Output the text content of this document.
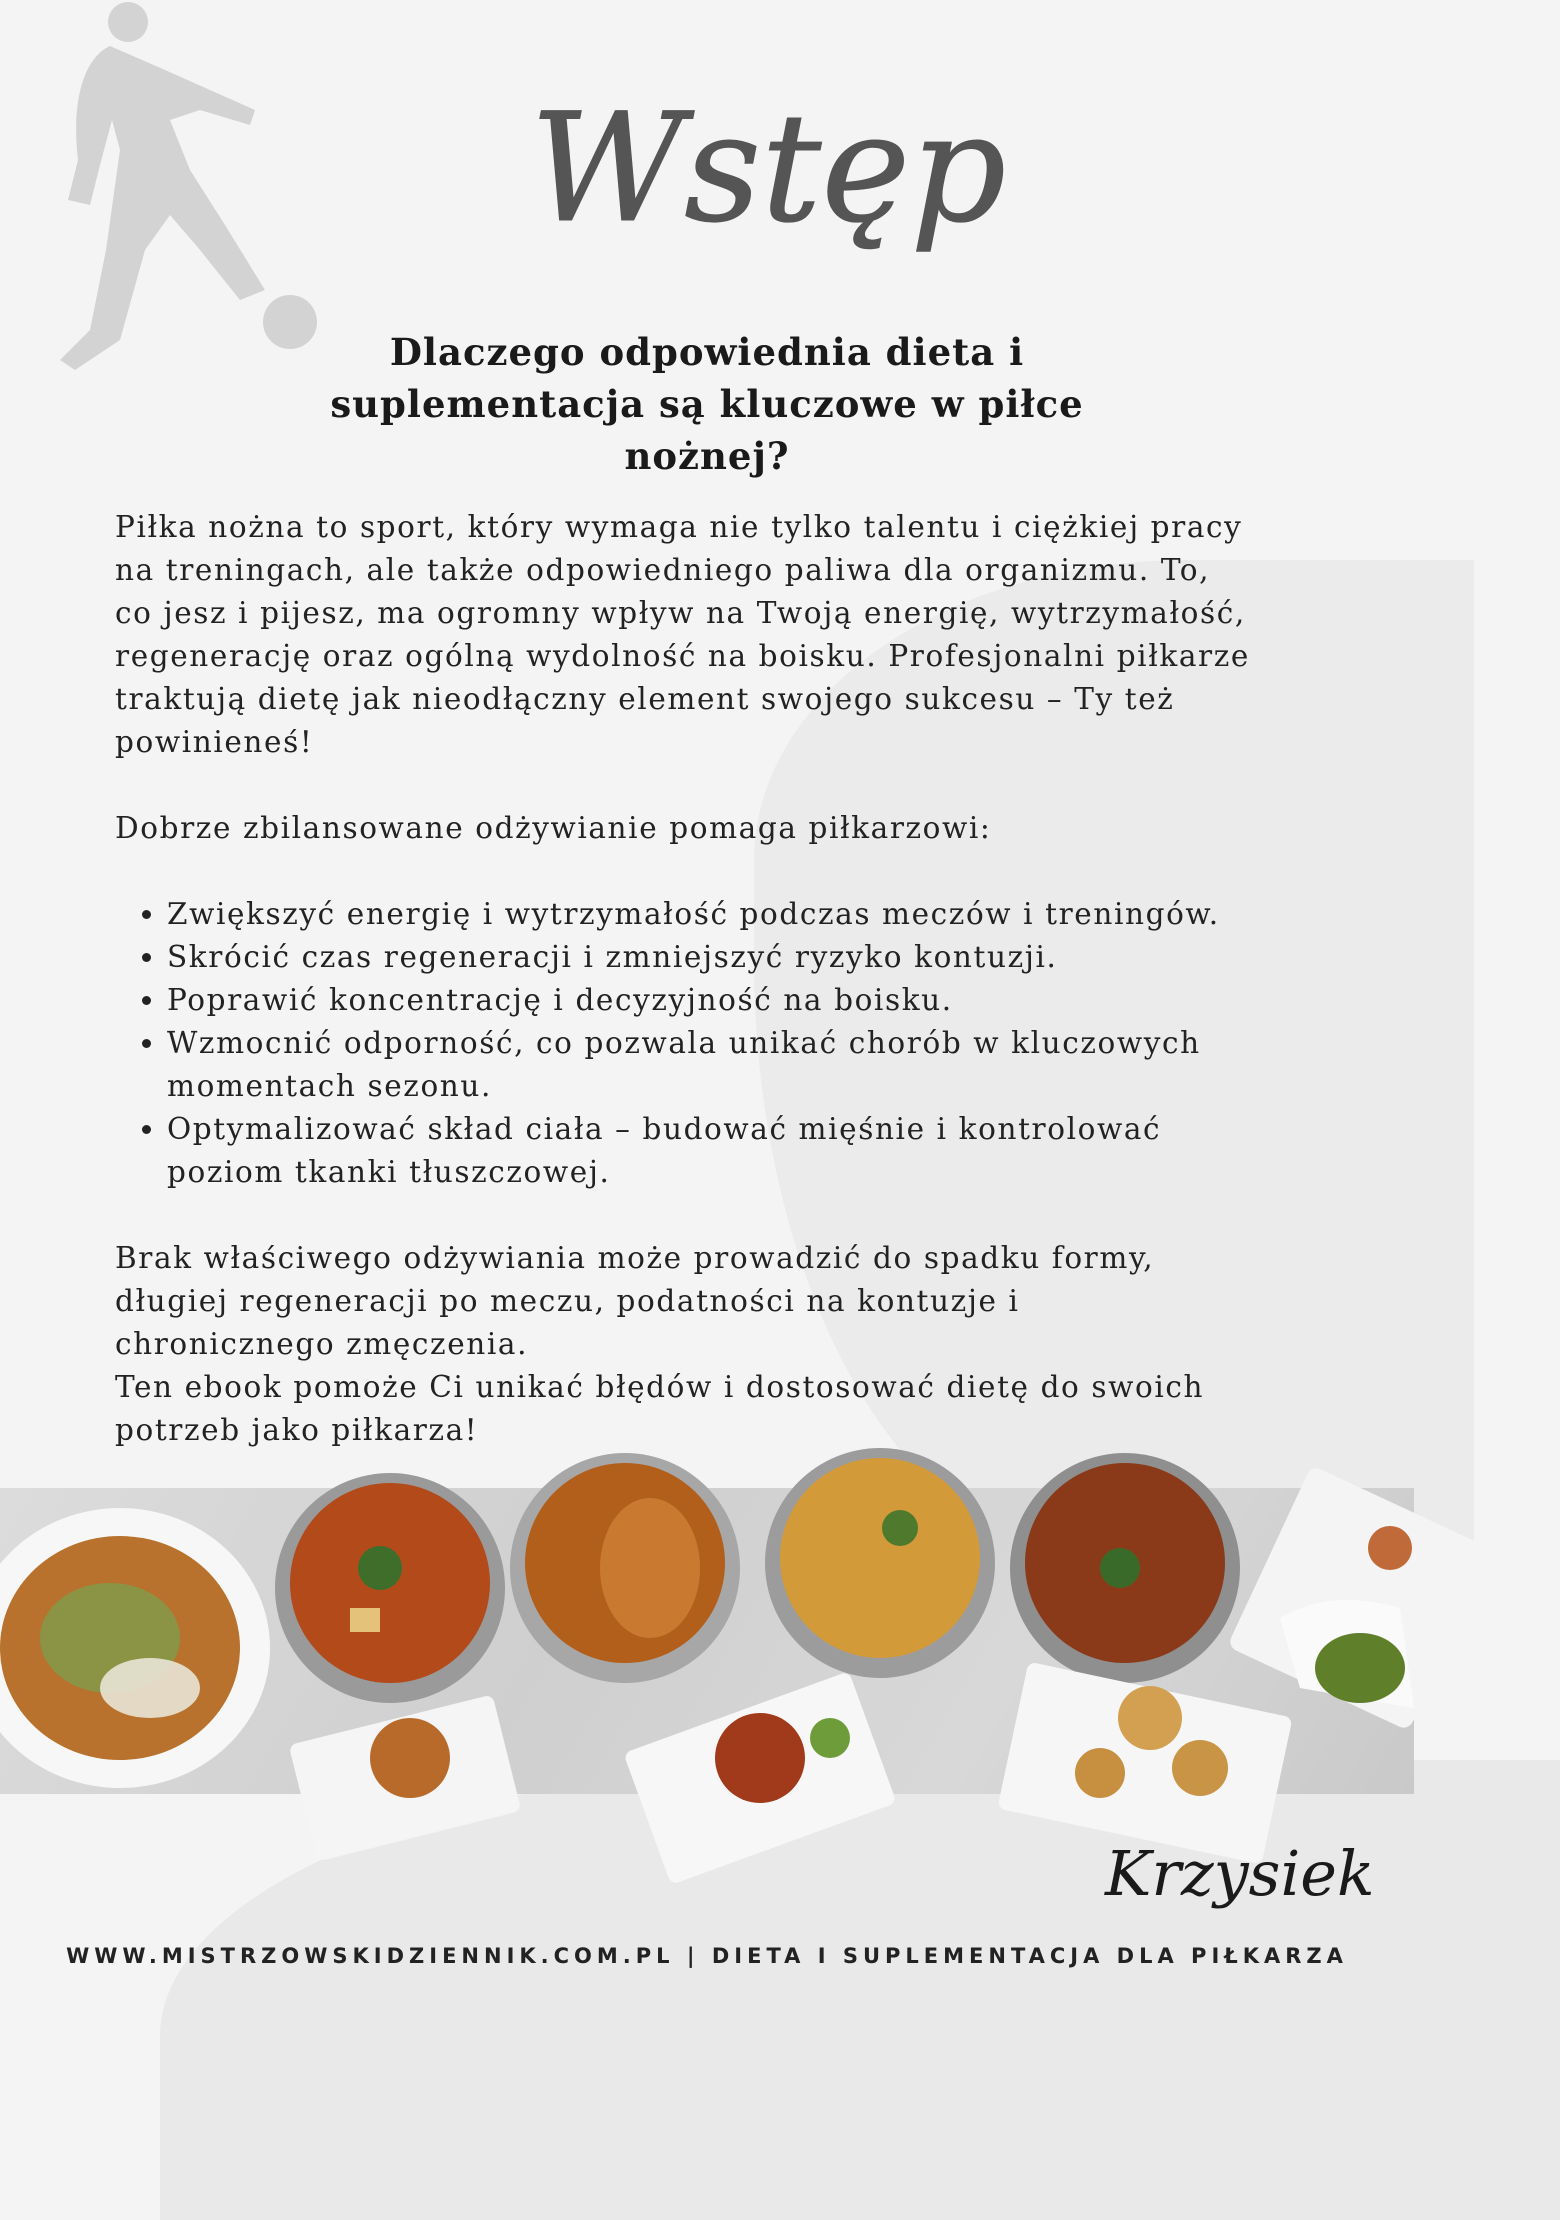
Wstęp
Dlaczego odpowiednia dieta i
suplementacja są kluczowe w piłce
nożnej?

Piłka nożna to sport, który wymaga nie tylko talentu i ciężkiej pracy
na treningach, ale także odpowiedniego paliwa dla organizmu. To,
co jesz i pijesz, ma ogromny wpływ na Twoją energię, wytrzymałość,
regenerację oraz ogólną wydolność na boisku. Profesjonalni piłkarze
traktują dietę jak nieodłączny element swojego sukcesu – Ty też
powinieneś!

Dobrze zbilansowane odżywianie pomaga piłkarzowi:

• Zwiększyć energię i wytrzymałość podczas meczów i treningów.
• Skrócić czas regeneracji i zmniejszyć ryzyko kontuzji.
• Poprawić koncentrację i decyzyjność na boisku.
• Wzmocnić odporność, co pozwala unikać chorób w kluczowych
momentach sezonu.
• Optymalizować skład ciała – budować mięśnie i kontrolować
poziom tkanki tłuszczowej.

Brak właściwego odżywiania może prowadzić do spadku formy,
długiej regeneracji po meczu, podatności na kontuzje i
chronicznego zmęczenia.
Ten ebook pomoże Ci unikać błędów i dostosować dietę do swoich
potrzeb jako piłkarza!

Krzysiek
WWW.MISTRZOWSKIDZIENNIK.COM.PL | DIETA I SUPLEMENTACJA DLA PIŁKARZA
